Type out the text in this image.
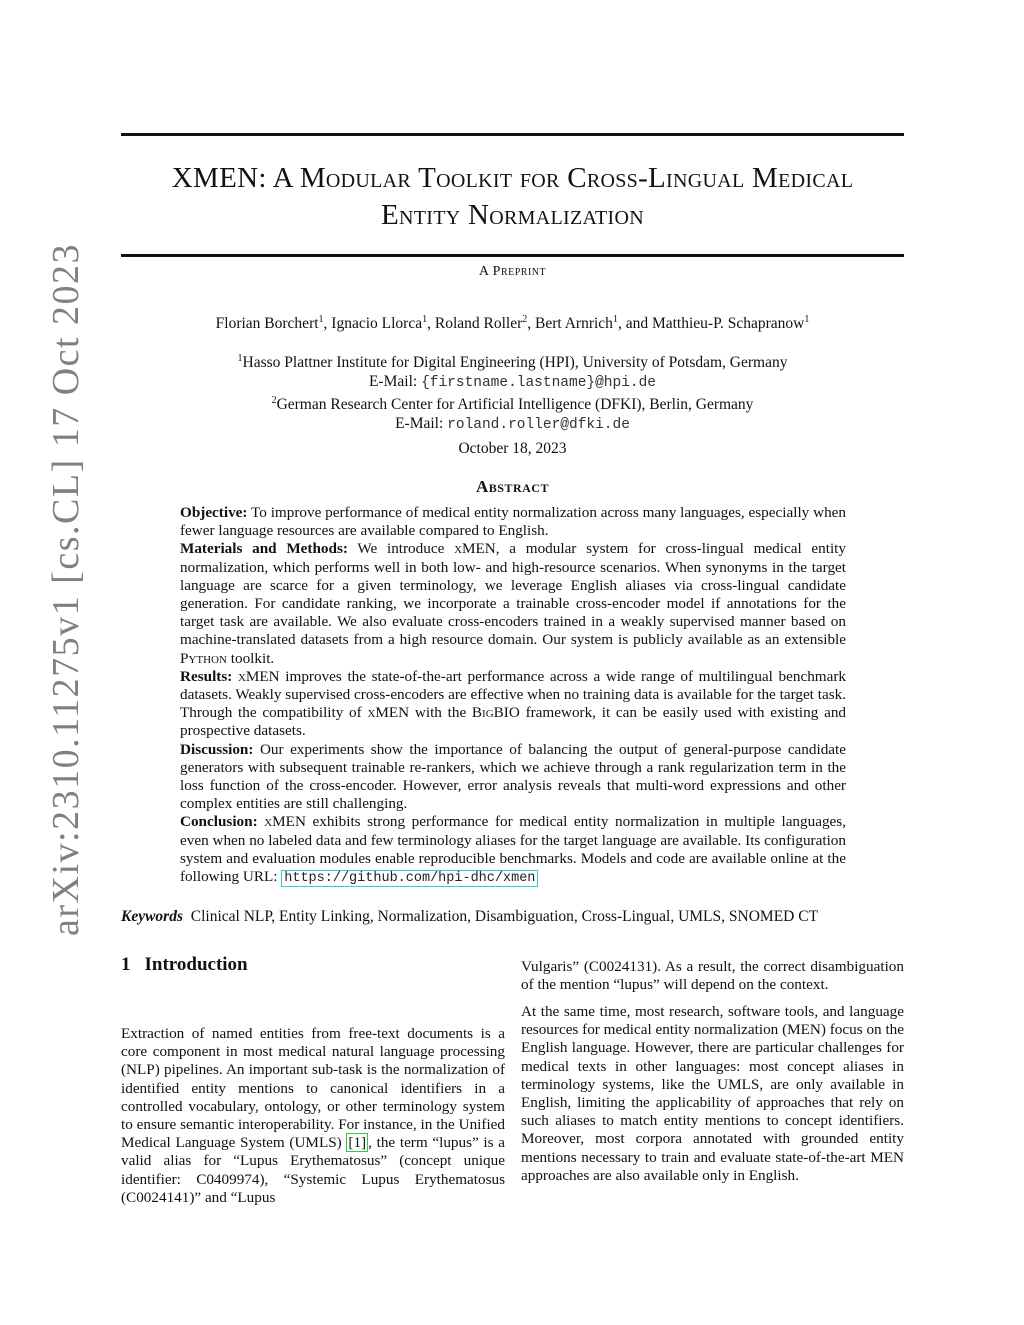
arXiv:2310.11275v1 [cs.CL] 17 Oct 2023
XMEN: A Modular Toolkit for Cross-Lingual Medical
Entity Normalization
A Preprint
Florian Borchert$^1$, Ignacio Llorca$^1$, Roland Roller$^2$, Bert Arnrich$^1$, and Matthieu-P. Schapranow$^1$
$^1$Hasso Plattner Institute for Digital Engineering (HPI), University of Potsdam, Germany
E-Mail: {firstname.lastname}@hpi.de
$^2$German Research Center for Artificial Intelligence (DFKI), Berlin, Germany
E-Mail: roland.roller@dfki.de
October 18, 2023
Abstract

Objective: To improve performance of medical entity normalization across many languages, especially when fewer language resources are available compared to English.

Materials and Methods: We introduce xMEN, a modular system for cross-lingual medical entity normalization, which performs well in both low- and high-resource scenarios. When synonyms in the target language are scarce for a given terminology, we leverage English aliases via cross-lingual candidate generation. For candidate ranking, we incorporate a trainable cross-encoder model if annotations for the target task are available. We also evaluate cross-encoders trained in a weakly supervised manner based on machine-translated datasets from a high resource domain. Our system is publicly available as an extensible Python toolkit.

Results: xMEN improves the state-of-the-art performance across a wide range of multilingual benchmark datasets. Weakly supervised cross-encoders are effective when no training data is available for the target task. Through the compatibility of xMEN with the BigBIO framework, it can be easily used with existing and prospective datasets.

Discussion: Our experiments show the importance of balancing the output of general-purpose candidate generators with subsequent trainable re-rankers, which we achieve through a rank regularization term in the loss function of the cross-encoder. However, error analysis reveals that multi-word expressions and other complex entities are still challenging.

Conclusion: xMEN exhibits strong performance for medical entity normalization in multiple languages, even when no labeled data and few terminology aliases for the target language are available. Its configuration system and evaluation modules enable reproducible benchmarks. Models and code are available online at the following URL: https://github.com/hpi-dhc/xmen

Keywords Clinical NLP, Entity Linking, Normalization, Disambiguation, Cross-Lingual, UMLS, SNOMED CT
1 Introduction

Extraction of named entities from free-text documents is a core component in most medical natural language processing (NLP) pipelines. An important sub-task is the normalization of identified entity mentions to canonical identifiers in a controlled vocabulary, ontology, or other terminology system to ensure semantic interoperability. For instance, in the Unified Medical Language System (UMLS) [1] , the term “lupus” is a valid alias for “Lupus Erythematosus” (concept unique identifier: C0409974), “Systemic Lupus Erythematosus (C0024141)” and “Lupus

Vulgaris” (C0024131). As a result, the correct disambiguation of the mention “lupus” will depend on the context.

At the same time, most research, software tools, and language resources for medical entity normalization (MEN) focus on the English language. However, there are particular challenges for medical texts in other languages: most concept aliases in terminology systems, like the UMLS, are only available in English, limiting the applicability of approaches that rely on such aliases to match entity mentions to concept identifiers. Moreover, most corpora annotated with grounded entity mentions necessary to train and evaluate state-of-the-art MEN approaches are also available only in English.
